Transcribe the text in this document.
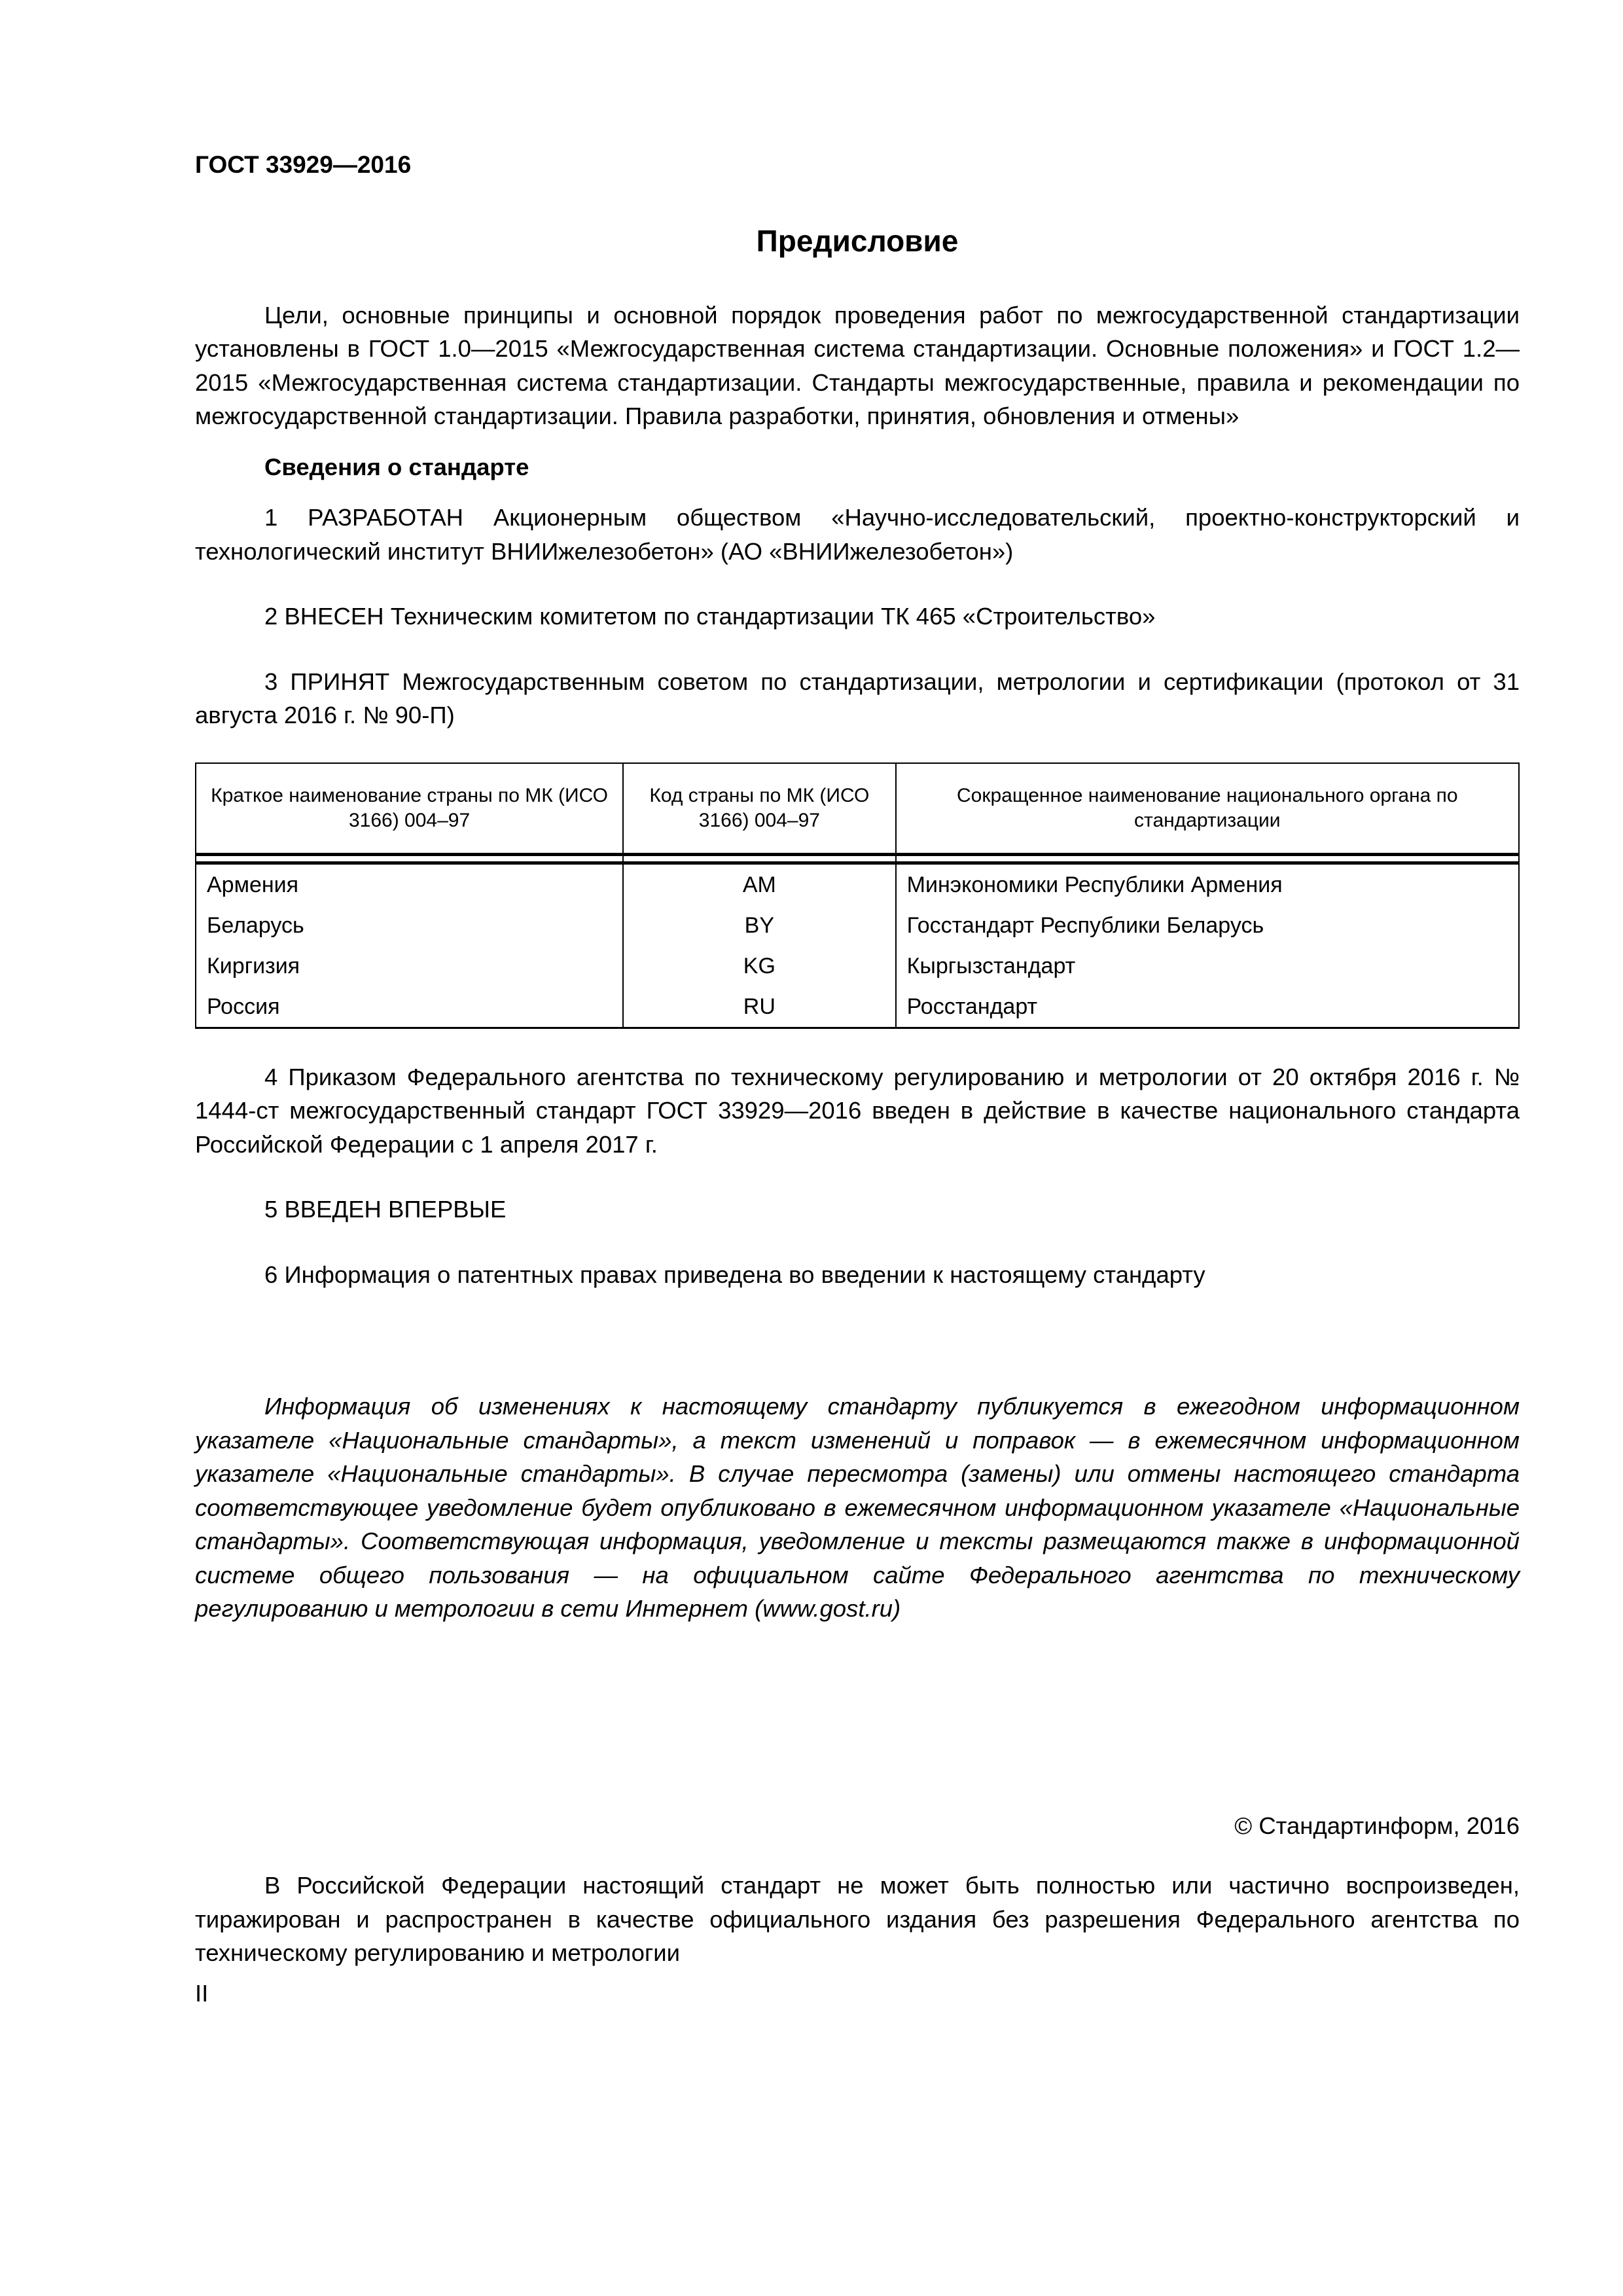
ГОСТ 33929—2016
Предисловие

Цели, основные принципы и основной порядок проведения работ по межгосударственной стандартизации установлены в ГОСТ 1.0—2015 «Межгосударственная система стандартизации. Основные положения» и ГОСТ 1.2—2015 «Межгосударственная система стандартизации. Стандарты межгосударственные, правила и рекомендации по межгосударственной стандартизации. Правила разработки, принятия, обновления и отмены»

Сведения о стандарте

1 РАЗРАБОТАН Акционерным обществом «Научно-исследовательский, проектно-конструкторский и технологический институт ВНИИжелезобетон» (АО «ВНИИжелезобетон»)

2 ВНЕСЕН Техническим комитетом по стандартизации ТК 465 «Строительство»

3 ПРИНЯТ Межгосударственным советом по стандартизации, метрологии и сертификации (протокол от 31 августа 2016 г. № 90-П)

Краткое наименование страны по МК (ИСО 3166) 004–97	Код страны по МК (ИСО 3166) 004–97	Сокращенное наименование национального органа по стандартизации

Армения	AM	Минэкономики Республики Армения
Беларусь	BY	Госстандарт Республики Беларусь
Киргизия	KG	Кыргызстандарт
Россия	RU	Росстандарт

4 Приказом Федерального агентства по техническому регулированию и метрологии от 20 октября 2016 г. № 1444-ст межгосударственный стандарт ГОСТ 33929—2016 введен в действие в качестве национального стандарта Российской Федерации с 1 апреля 2017 г.

5 ВВЕДЕН ВПЕРВЫЕ

6 Информация о патентных правах приведена во введении к настоящему стандарту

Информация об изменениях к настоящему стандарту публикуется в ежегодном информационном указателе «Национальные стандарты», а текст изменений и поправок — в ежемесячном информационном указателе «Национальные стандарты». В случае пересмотра (замены) или отмены настоящего стандарта соответствующее уведомление будет опубликовано в ежемесячном информационном указателе «Национальные стандарты». Соответствующая информация, уведомление и тексты размещаются также в информационной системе общего пользования — на официальном сайте Федерального агентства по техническому регулированию и метрологии в сети Интернет (www.gost.ru)

© Стандартинформ, 2016

В Российской Федерации настоящий стандарт не может быть полностью или частично воспроизведен, тиражирован и распространен в качестве официального издания без разрешения Федерального агентства по техническому регулированию и метрологии

II
